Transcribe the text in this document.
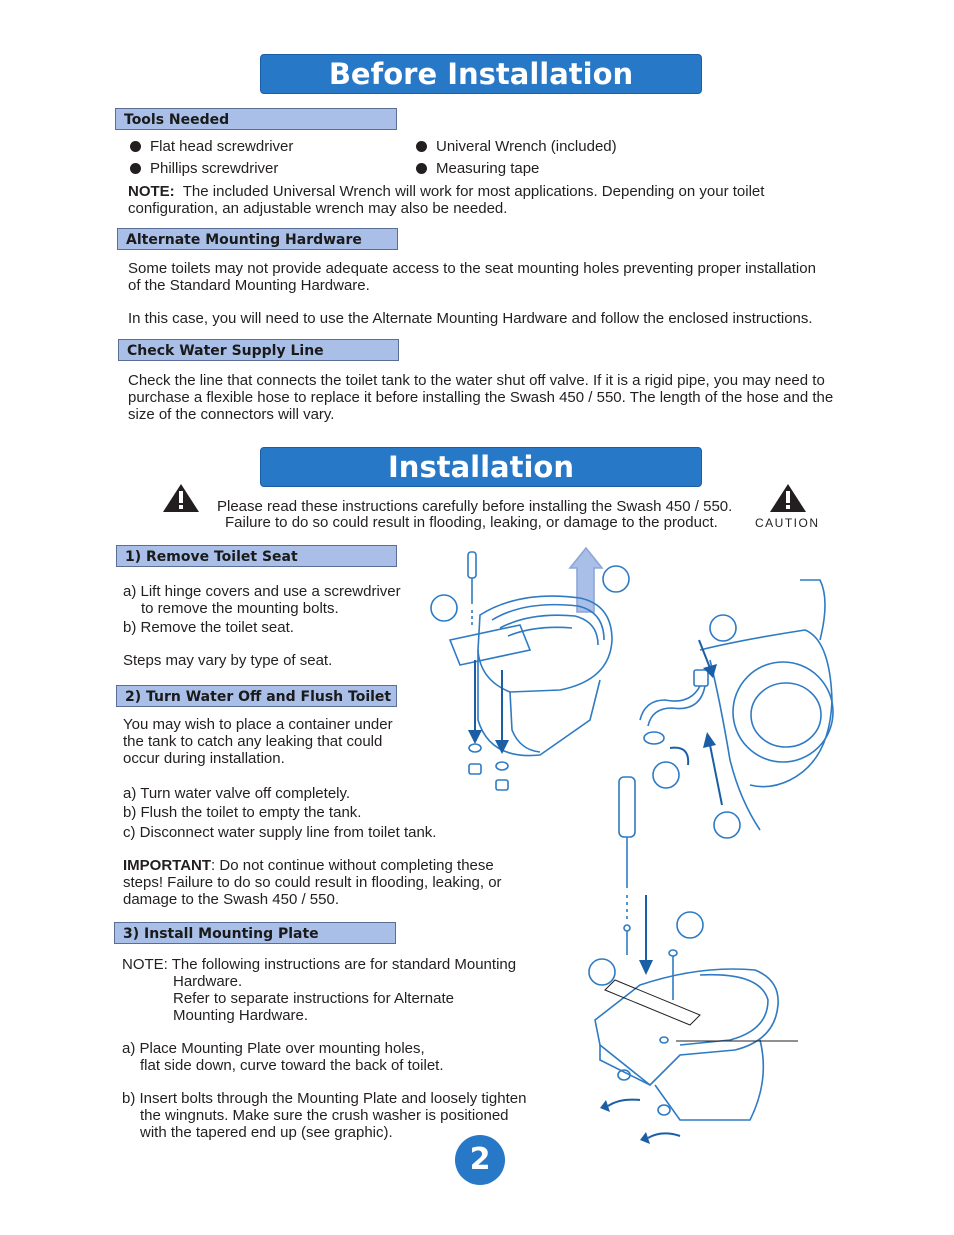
Before Installation
Tools Needed
Flat head screwdriver
Phillips screwdriver
Univeral Wrench (included)
Measuring tape
NOTE: The included Universal Wrench will work for most applications. Depending on your toilet
configuration, an adjustable wrench may also be needed.
Alternate Mounting Hardware
Some toilets may not provide adequate access to the seat mounting holes preventing proper installation
of the Standard Mounting Hardware.
In this case, you will need to use the Alternate Mounting Hardware and follow the enclosed instructions.
Check Water Supply Line
Check the line that connects the toilet tank to the water shut off valve. If it is a rigid pipe, you may need to
purchase a flexible hose to replace it before installing the Swash 450 / 550. The length of the hose and the
size of the connectors will vary.
Installation
Please read these instructions carefully before installing the Swash 450 / 550.
Failure to do so could result in flooding, leaking, or damage to the product.	CAUTION
1) Remove Toilet Seat
a) Lift hinge covers and use a screwdriver
to remove the mounting bolts.
b) Remove the toilet seat.
Steps may vary by type of seat.
2) Turn Water Off and Flush Toilet
You may wish to place a container under
the tank to catch any leaking that could
occur during installation.
a) Turn water valve off completely.
b) Flush the toilet to empty the tank.
c) Disconnect water supply line from toilet tank.
IMPORTANT: Do not continue without completing these
steps! Failure to do so could result in flooding, leaking, or
damage to the Swash 450 / 550.
3) Install Mounting Plate
NOTE: The following instructions are for standard Mounting
Hardware.
Refer to separate instructions for Alternate
Mounting Hardware.
a) Place Mounting Plate over mounting holes,
flat side down, curve toward the back of toilet.
b) Insert bolts through the Mounting Plate and loosely tighten
the wingnuts. Make sure the crush washer is positioned
with the tapered end up (see graphic).
2
